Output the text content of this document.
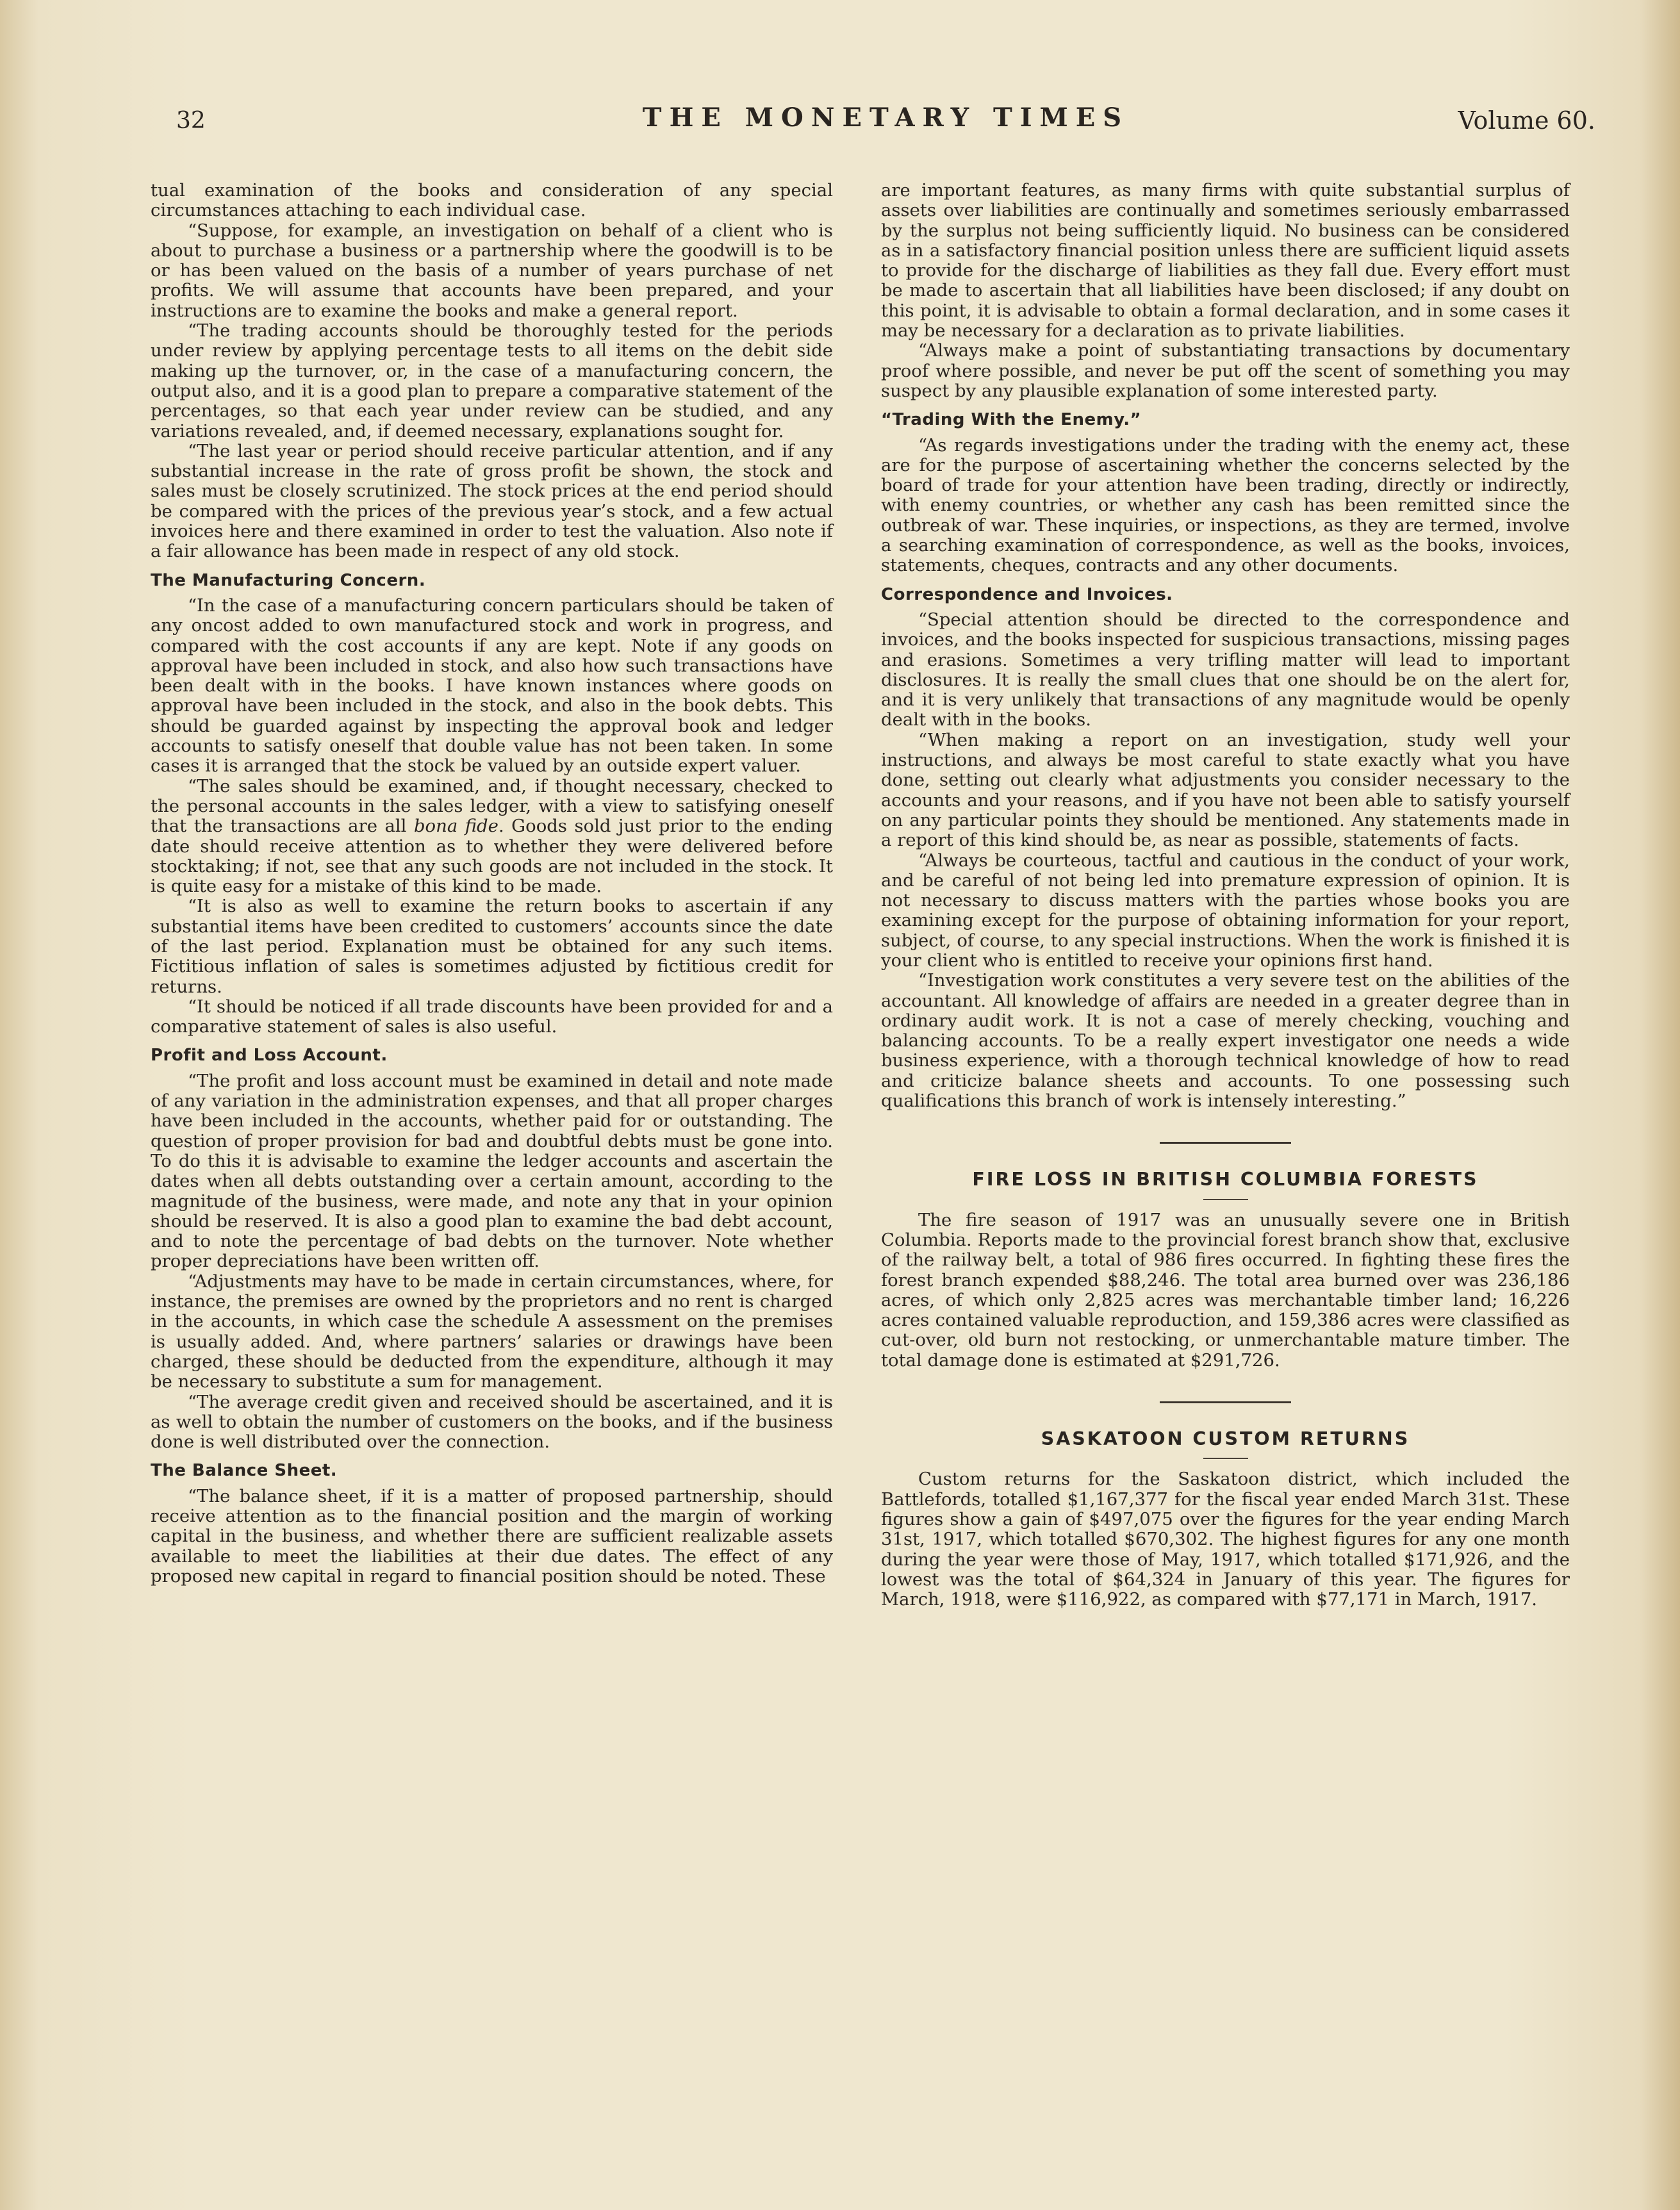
32	THE MONETARY TIMES	Volume 60.

tual examination of the books and consideration of any special circumstances attaching to each individual case.

“Suppose, for example, an investigation on behalf of a client who is about to purchase a business or a partnership where the goodwill is to be or has been valued on the basis of a number of years purchase of net profits. We will assume that accounts have been prepared, and your instructions are to examine the books and make a general report.

“The trading accounts should be thoroughly tested for the periods under review by applying percentage tests to all items on the debit side making up the turnover, or, in the case of a manufacturing concern, the output also, and it is a good plan to prepare a comparative statement of the percentages, so that each year under review can be studied, and any variations revealed, and, if deemed necessary, explanations sought for.

“The last year or period should receive particular attention, and if any substantial increase in the rate of gross profit be shown, the stock and sales must be closely scrutinized. The stock prices at the end period should be compared with the prices of the previous year’s stock, and a few actual invoices here and there examined in order to test the valuation. Also note if a fair allowance has been made in respect of any old stock.

The Manufacturing Concern.

“In the case of a manufacturing concern particulars should be taken of any oncost added to own manufactured stock and work in progress, and compared with the cost accounts if any are kept. Note if any goods on approval have been included in stock, and also how such transactions have been dealt with in the books. I have known instances where goods on approval have been included in the stock, and also in the book debts. This should be guarded against by inspecting the approval book and ledger accounts to satisfy oneself that double value has not been taken. In some cases it is arranged that the stock be valued by an outside expert valuer.

“The sales should be examined, and, if thought necessary, checked to the personal accounts in the sales ledger, with a view to satisfying oneself that the transactions are all bona fide. Goods sold just prior to the ending date should receive attention as to whether they were delivered before stocktaking; if not, see that any such goods are not included in the stock. It is quite easy for a mistake of this kind to be made.

“It is also as well to examine the return books to ascertain if any substantial items have been credited to customers’ accounts since the date of the last period. Explanation must be obtained for any such items. Fictitious inflation of sales is sometimes adjusted by fictitious credit for returns.

“It should be noticed if all trade discounts have been provided for and a comparative statement of sales is also useful.

Profit and Loss Account.

“The profit and loss account must be examined in detail and note made of any variation in the administration expenses, and that all proper charges have been included in the accounts, whether paid for or outstanding. The question of proper provision for bad and doubtful debts must be gone into. To do this it is advisable to examine the ledger accounts and ascertain the dates when all debts outstanding over a certain amount, according to the magnitude of the business, were made, and note any that in your opinion should be reserved. It is also a good plan to examine the bad debt account, and to note the percentage of bad debts on the turnover. Note whether proper depreciations have been written off.

“Adjustments may have to be made in certain circumstances, where, for instance, the premises are owned by the proprietors and no rent is charged in the accounts, in which case the schedule A assessment on the premises is usually added. And, where partners’ salaries or drawings have been charged, these should be deducted from the expenditure, although it may be necessary to substitute a sum for management.

“The average credit given and received should be ascertained, and it is as well to obtain the number of customers on the books, and if the business done is well distributed over the connection.

The Balance Sheet.

“The balance sheet, if it is a matter of proposed partnership, should receive attention as to the financial position and the margin of working capital in the business, and whether there are sufficient realizable assets available to meet the liabilities at their due dates. The effect of any proposed new capital in regard to financial position should be noted. These

are important features, as many firms with quite substantial surplus of assets over liabilities are continually and sometimes seriously embarrassed by the surplus not being sufficiently liquid. No business can be considered as in a satisfactory financial position unless there are sufficient liquid assets to provide for the discharge of liabilities as they fall due. Every effort must be made to ascertain that all liabilities have been disclosed; if any doubt on this point, it is advisable to obtain a formal declaration, and in some cases it may be necessary for a declaration as to private liabilities.

“Always make a point of substantiating transactions by documentary proof where possible, and never be put off the scent of something you may suspect by any plausible explanation of some interested party.

“Trading With the Enemy.”

“As regards investigations under the trading with the enemy act, these are for the purpose of ascertaining whether the concerns selected by the board of trade for your attention have been trading, directly or indirectly, with enemy countries, or whether any cash has been remitted since the outbreak of war. These inquiries, or inspections, as they are termed, involve a searching examination of correspondence, as well as the books, invoices, statements, cheques, contracts and any other documents.

Correspondence and Invoices.

“Special attention should be directed to the correspondence and invoices, and the books inspected for suspicious transactions, missing pages and erasions. Sometimes a very trifling matter will lead to important disclosures. It is really the small clues that one should be on the alert for, and it is very unlikely that transactions of any magnitude would be openly dealt with in the books.

“When making a report on an investigation, study well your instructions, and always be most careful to state exactly what you have done, setting out clearly what adjustments you consider necessary to the accounts and your reasons, and if you have not been able to satisfy yourself on any particular points they should be mentioned. Any statements made in a report of this kind should be, as near as possible, statements of facts.

“Always be courteous, tactful and cautious in the conduct of your work, and be careful of not being led into premature expression of opinion. It is not necessary to discuss matters with the parties whose books you are examining except for the purpose of obtaining information for your report, subject, of course, to any special instructions. When the work is finished it is your client who is entitled to receive your opinions first hand.

“Investigation work constitutes a very severe test on the abilities of the accountant. All knowledge of affairs are needed in a greater degree than in ordinary audit work. It is not a case of merely checking, vouching and balancing accounts. To be a really expert investigator one needs a wide business experience, with a thorough technical knowledge of how to read and criticize balance sheets and accounts. To one possessing such qualifications this branch of work is intensely interesting.”

FIRE LOSS IN BRITISH COLUMBIA FORESTS

The fire season of 1917 was an unusually severe one in British Columbia. Reports made to the provincial forest branch show that, exclusive of the railway belt, a total of 986 fires occurred. In fighting these fires the forest branch expended $88,246. The total area burned over was 236,186 acres, of which only 2,825 acres was merchantable timber land; 16,226 acres contained valuable reproduction, and 159,386 acres were classified as cut-over, old burn not restocking, or unmerchantable mature timber. The total damage done is estimated at $291,726.

SASKATOON CUSTOM RETURNS

Custom returns for the Saskatoon district, which included the Battlefords, totalled $1,167,377 for the fiscal year ended March 31st. These figures show a gain of $497,075 over the figures for the year ending March 31st, 1917, which totalled $670,302. The highest figures for any one month during the year were those of May, 1917, which totalled $171,926, and the lowest was the total of $64,324 in January of this year. The figures for March, 1918, were $116,922, as compared with $77,171 in March, 1917.
